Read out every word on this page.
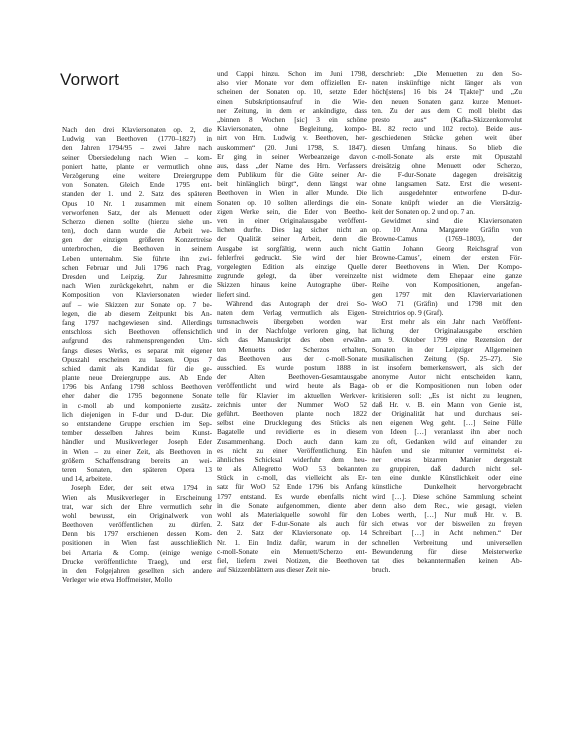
Vorwort
Nach den drei Klaviersonaten op. 2, die
Ludwig van Beethoven (1770–1827) in
den Jahren 1794/95 – zwei Jahre nach
seiner Übersiedelung nach Wien – kom-
poniert hatte, plante er vermutlich ohne
Verzögerung eine weitere Dreiergruppe
von Sonaten. Gleich Ende 1795 ent-
standen der 1. und 2. Satz des späteren
Opus 10 Nr. 1 zusammen mit einem
verworfenen Satz, der als Menuett oder
Scherzo dienen sollte (hierzu siehe un-
ten), doch dann wurde die Arbeit we-
gen der einzigen größeren Konzertreise
unterbrochen, die Beethoven in seinem
Leben unternahm. Sie führte ihn zwi-
schen Februar und Juli 1796 nach Prag,
Dresden und Leipzig. Zur Jahresmitte
nach Wien zurückgekehrt, nahm er die
Komposition von Klaviersonaten wieder
auf – wie Skizzen zur Sonate op. 7 be-
legen, die ab diesem Zeitpunkt bis An-
fang 1797 nachgewiesen sind. Allerdings
entschloss sich Beethoven offensichtlich
aufgrund des rahmensprengenden Um-
fangs dieses Werks, es separat mit eigener
Opuszahl erscheinen zu lassen. Opus 7
schied damit als Kandidat für die ge-
plante neue Dreiergruppe aus. Ab Ende
1796 bis Anfang 1798 schloss Beethoven
eher daher die 1795 begonnene Sonate
in c-moll ab und komponierte zusätz-
lich diejenigen in F-dur und D-dur. Die
so entstandene Gruppe erschien im Sep-
tember desselben Jahres beim Kunst-
händler und Musikverleger Joseph Eder
in Wien – zu einer Zeit, als Beethoven in
größem Schaffensdrang bereits an wei-
teren Sonaten, den späteren Opera 13
und 14, arbeitete.
Joseph Eder, der seit etwa 1794 in
Wien als Musikverleger in Erscheinung
trat, war sich der Ehre vermutlich sehr
wohl bewusst, ein Originalwerk von
Beethoven veröffentlichen zu dürfen.
Denn bis 1797 erschienen dessen Kom-
positionen in Wien fast ausschließlich
bei Artaria & Comp. (einige wenige
Drucke veröffentlichte Traeg), und erst
in den Folgejahren gesellten sich andere
Verleger wie etwa Hoffmeister, Mollo
und Cappi hinzu. Schon im Juni 1798,
also vier Monate vor dem offiziellen Er-
scheinen der Sonaten op. 10, setzte Eder
einen Subskriptionsaufruf in die Wie-
ner Zeitung, in dem er ankündigte, dass
„binnen 8 Wochen [sic] 3 ein schöne
Klaviersonaten, ohne Begleitung, kompo-
nirt von Hrn. Ludwig v. Beethoven, her-
auskommen“ (20. Juni 1798, S. 1847).
Er ging in seiner Werbeanzeige davon
aus, dass „der Name des Hrn. Verfassers
dem Publikum für die Güte seiner Ar-
beit hinlänglich bürgt“, denn längst war
Beethoven in Wien in aller Munde. Die
Sonaten op. 10 sollten allerdings die ein-
zigen Werke sein, die Eder von Beetho-
ven in einer Originalausgabe veröffent-
lichen durfte. Dies lag sicher nicht an
der Qualität seiner Arbeit, denn die
Ausgabe ist sorgfältig, wenn auch nicht
fehlerfrei gedruckt. Sie wird der hier
vorgelegten Edition als einzige Quelle
zugrunde gelegt, da über vereinzelte
Skizzen hinaus keine Autographe über-
liefert sind.
Während das Autograph der drei So-
naten dem Verlag vermutlich als Eigen-
tumsnachweis übergeben worden war
und in der Nachfolge verloren ging, hat
sich das Manuskript des oben erwähn-
ten Menuetts oder Scherzos erhalten,
das Beethoven aus der c-moll-Sonate
ausschied. Es wurde postum 1888 in
der Alten Beethoven-Gesamtausgabe
veröffentlicht und wird heute als Baga-
telle für Klavier im aktuellen Werkver-
zeichnis unter der Nummer WoO 52
geführt. Beethoven plante noch 1822
selbst eine Drucklegung des Stücks als
Bagatelle und revidierte es in diesem
Zusammenhang. Doch auch dann kam
es nicht zu einer Veröffentlichung. Ein
ähnliches Schicksal widerfuhr dem heu-
te als Allegretto WoO 53 bekannten
Stück in c-moll, das vielleicht als Er-
satz für WoO 52 Ende 1796 bis Anfang
1797 entstand. Es wurde ebenfalls nicht
in die Sonate aufgenommen, diente aber
wohl als Materialquelle sowohl für den
2. Satz der F-dur-Sonate als auch für
den 2. Satz der Klaviersonate op. 14
Nr. 1. Ein Indiz dafür, warum in der
c-moll-Sonate ein Menuett/Scherzo ent-
fiel, liefern zwei Notizen, die Beethoven
auf Skizzenblättern aus dieser Zeit nie-
derschrieb: „Die Menuetten zu den So-
naten inskünftige nicht länger als von
höch[stens] 16 bis 24 T[akte]“ und „Zu
den neuen Sonaten ganz kurze Menuet-
ten. Zu der aus dem C moll bleibt das
presto aus“ (Kafka-Skizzenkonvolut
BL 82 recto und 102 recto). Beide aus-
geschiedenen Stücke gehen weit über
diesen Umfang hinaus. So blieb die
c-moll-Sonate als erste mit Opuszahl
dreisätzig ohne Menuett oder Scherzo,
die F-dur-Sonate dagegen dreisätzig
ohne langsamen Satz. Erst die wesent-
lich ausgedehnter entworfene D-dur-
Sonate knüpft wieder an die Viersätzig-
keit der Sonaten op. 2 und op. 7 an.
Gewidmet sind die Klaviersonaten
op. 10 Anna Margarete Gräfin von
Browne-Camus (1769–1803), der
Gattin Johann Georg Reichsgraf von
Browne-Camus’, einem der ersten För-
derer Beethovens in Wien. Der Kompo-
nist widmete dem Ehepaar eine ganze
Reihe von Kompositionen, angefan-
gen 1797 mit den Klaviervariationen
WoO 71 (Gräfin) und 1798 mit den
Streichtrios op. 9 (Graf).
Erst mehr als ein Jahr nach Veröffent-
lichung der Originalausgabe erschien
am 9. Oktober 1799 eine Rezension der
Sonaten in der Leipziger Allgemeinen
musikalischen Zeitung (Sp. 25–27). Sie
ist insofern bemerkenswert, als sich der
anonyme Autor nicht entscheiden kann,
ob er die Kompositionen nun loben oder
kritisieren soll: „Es ist nicht zu leugnen,
daß Hr. v. B. ein Mann von Genie ist,
der Originalität hat und durchaus sei-
nen eigenen Weg geht. […] Seine Fülle
von Ideen […] veranlasst ihn aber noch
zu oft, Gedanken wild auf einander zu
häufen und sie mitunter vermittelst ei-
ner etwas bizarren Manier dergestalt
zu gruppiren, daß dadurch nicht sel-
ten eine dunkle Künstlichkeit oder eine
künstliche Dunkelheit hervorgebracht
wird […]. Diese schöne Sammlung scheint
denn also dem Rec., wie gesagt, vielen
Lobes werth, […] Nur muß Hr. v. B.
sich etwas vor der bisweilen zu freyen
Schreibart […] in Acht nehmen.“ Der
schnellen Verbreitung und universellen
Bewunderung für diese Meisterwerke
tat dies bekanntermaßen keinen Ab-
bruch.
